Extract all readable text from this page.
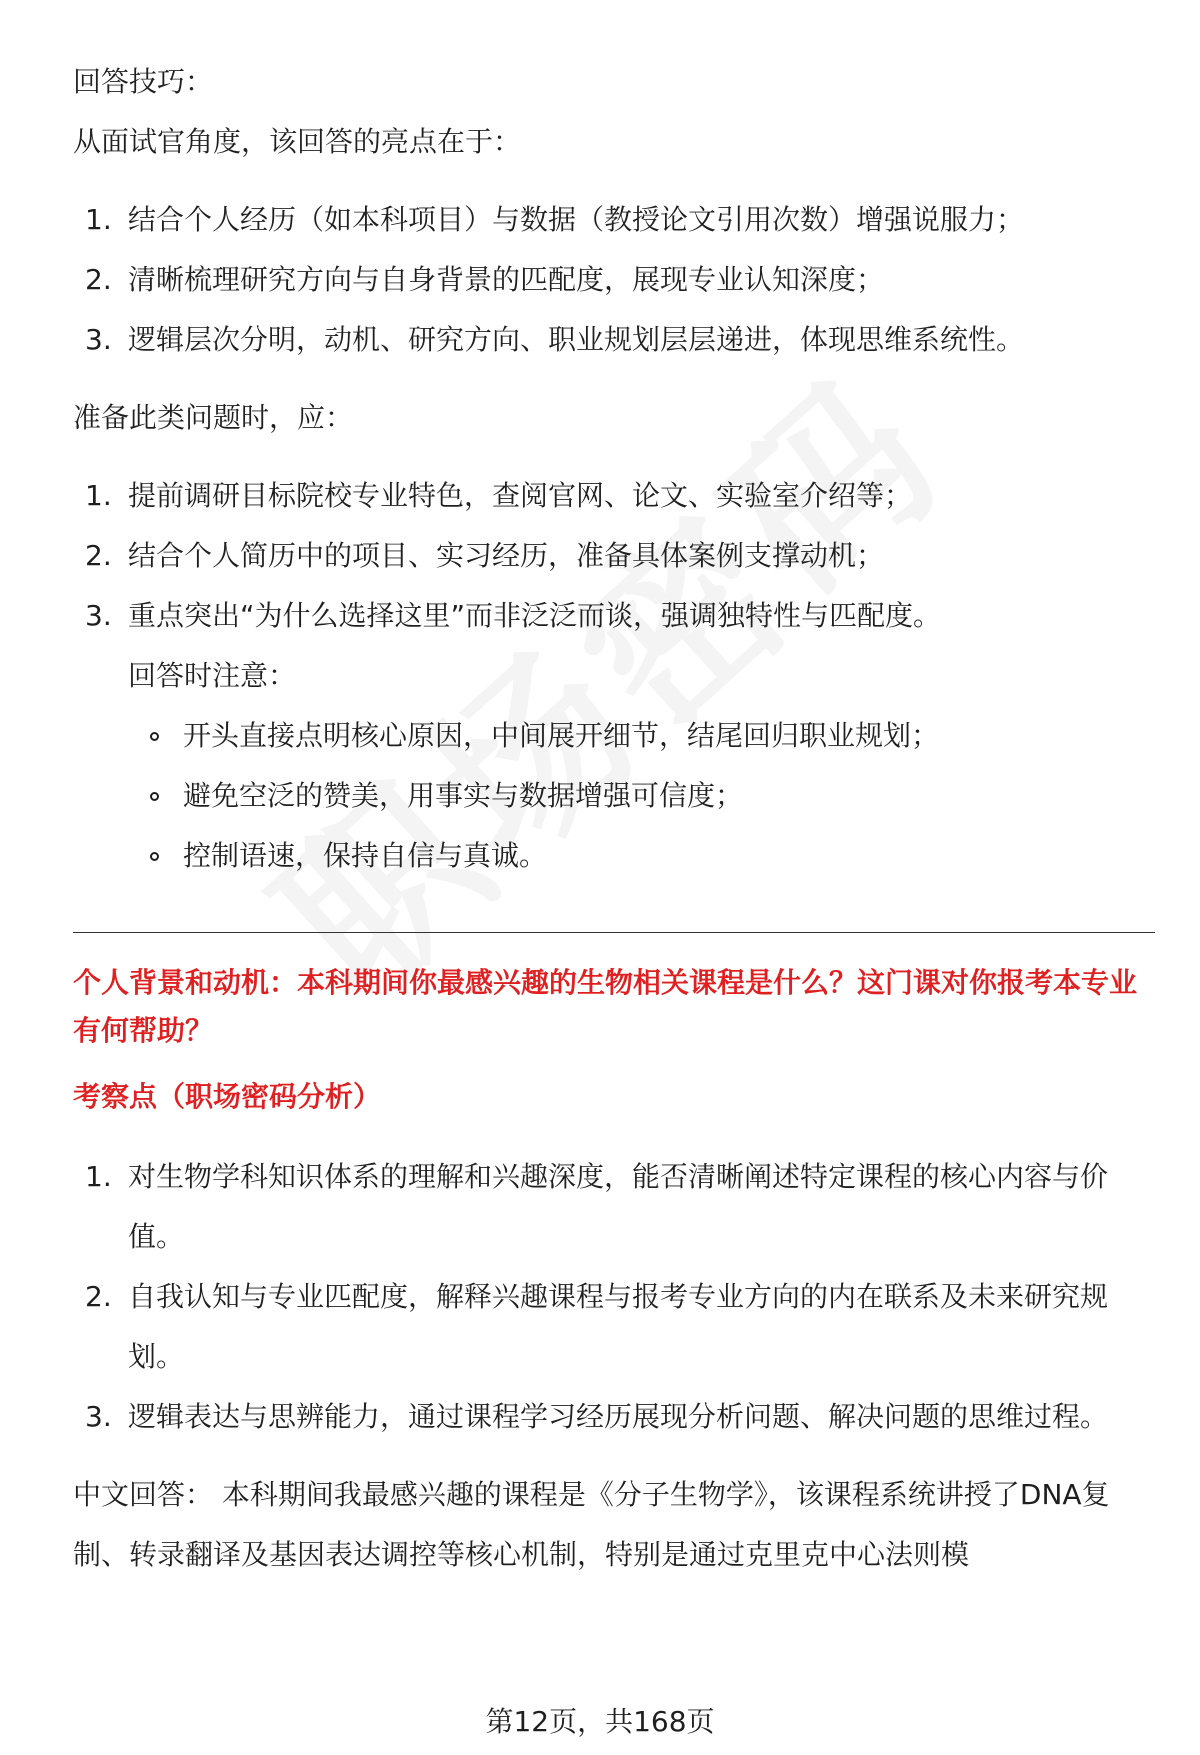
回答技巧：

从面试官角度，该回答的亮点在于：

1. 结合个人经历（如本科项目）与数据（教授论文引用次数）增强说服力；
2. 清晰梳理研究方向与自身背景的匹配度，展现专业认知深度；
3. 逻辑层次分明，动机、研究方向、职业规划层层递进，体现思维系统性。

准备此类问题时，应：

1. 提前调研目标院校专业特色，查阅官网、论文、实验室介绍等；
2. 结合个人简历中的项目、实习经历，准备具体案例支撑动机；
3. 重点突出“为什么选择这里”而非泛泛而谈，强调独特性与匹配度。
回答时注意：
开头直接点明核心原因，中间展开细节，结尾回归职业规划；
避免空泛的赞美，用事实与数据增强可信度；
控制语速，保持自信与真诚。

个人背景和动机：本科期间你最感兴趣的生物相关课程是什么？这门课对你报考本专业有何帮助？

考察点（职场密码分析）

1. 对生物学科知识体系的理解和兴趣深度，能否清晰阐述特定课程的核心内容与价值。
2. 自我认知与专业匹配度，解释兴趣课程与报考专业方向的内在联系及未来研究规划。
3. 逻辑表达与思辨能力，通过课程学习经历展现分析问题、解决问题的思维过程。

中文回答： 本科期间我最感兴趣的课程是《分子生物学》，该课程系统讲授了DNA复制、转录翻译及基因表达调控等核心机制，特别是通过克里克中心法则模

第12页，共168页
